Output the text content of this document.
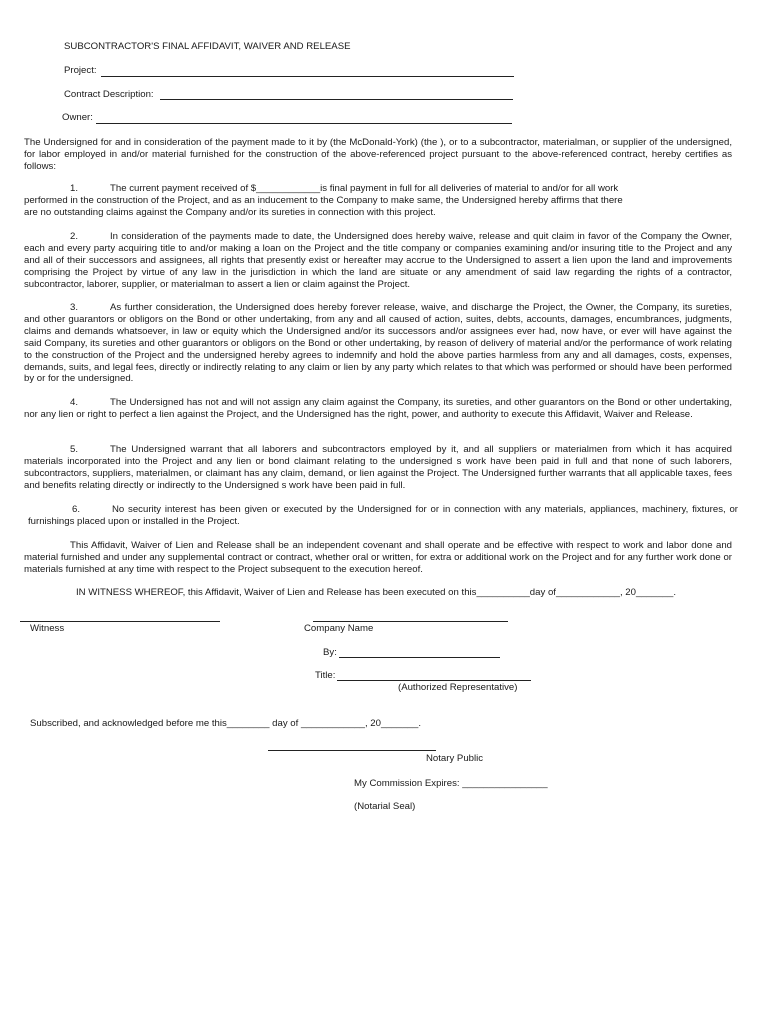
SUBCONTRACTOR'S FINAL AFFIDAVIT, WAIVER AND RELEASE
Project:
Contract Description:
Owner:
The Undersigned for and in consideration of the payment made to it by (the McDonald-York) (the ), or to a subcontractor, materialman, or supplier of the undersigned, for labor employed in and/or material furnished for the construction of the above-referenced project pursuant to the above-referenced contract, hereby certifies as follows:
1.	The current payment received of $____________is final payment in full for all deliveries of material to and/or for all work performed in the construction of the Project, and as an inducement to the Company to make same, the Undersigned hereby affirms that there are no outstanding claims against the Company and/or its sureties in connection with this project.
2.	In consideration of the payments made to date, the Undersigned does hereby waive, release and quit claim in favor of the Company the Owner, each and every party acquiring title to and/or making a loan on the Project and the title company or companies examining and/or insuring title to the Project and any and all of their successors and assignees, all rights that presently exist or hereafter may accrue to the Undersigned to assert a lien upon the land and improvements comprising the Project by virtue of any law in the jurisdiction in which the land are situate or any amendment of said law regarding the rights of a contractor, subcontractor, laborer, supplier, or materialman to assert a lien or claim against the Project.
3.	As further consideration, the Undersigned does hereby forever release, waive, and discharge the Project, the Owner, the Company, its sureties, and other guarantors or obligors on the Bond or other undertaking, from any and all caused of action, suites, debts, accounts, damages, encumbrances, judgments, claims and demands whatsoever, in law or equity which the Undersigned and/or its successors and/or assignees ever had, now have, or ever will have against the said Company, its sureties and other guarantors or obligors on the Bond or other undertaking, by reason of delivery of material and/or the performance of work relating to the construction of the Project and the undersigned hereby agrees to indemnify and hold the above parties harmless from any and all damages, costs, expenses, demands, suits, and legal fees, directly or indirectly relating to any claim or lien by any party which relates to that which was performed or should have been performed by or for the undersigned.
4.	The Undersigned has not and will not assign any claim against the Company, its sureties, and other guarantors on the Bond or other undertaking, nor any lien or right to perfect a lien against the Project, and the Undersigned has the right, power, and authority to execute this Affidavit, Waiver and Release.
5.	The Undersigned warrant that all laborers and subcontractors employed by it, and all suppliers or materialmen from which it has acquired materials incorporated into the Project and any lien or bond claimant relating to the undersigned s work have been paid in full and that none of such laborers, subcontractors, suppliers, materialmen, or claimant has any claim, demand, or lien against the Project. The Undersigned further warrants that all applicable taxes, fees and benefits relating directly or indirectly to the Undersigned s work have been paid in full.
6.	No security interest has been given or executed by the Undersigned for or in connection with any materials, appliances, machinery, fixtures, or furnishings placed upon or installed in the Project.
This Affidavit, Waiver of Lien and Release shall be an independent covenant and shall operate and be effective with respect to work and labor done and material furnished and under any supplemental contract or contract, whether oral or written, for extra or additional work on the Project and for any further work done or materials furnished at any time with respect to the Project subsequent to the execution hereof.
IN WITNESS WHEREOF, this Affidavit, Waiver of Lien and Release has been executed on this__________day of____________, 20_______.
Witness	Company Name
By:
Title:
(Authorized Representative)
Subscribed, and acknowledged before me this________ day of ____________, 20_______.
Notary Public
My Commission Expires: ________________
(Notarial Seal)
